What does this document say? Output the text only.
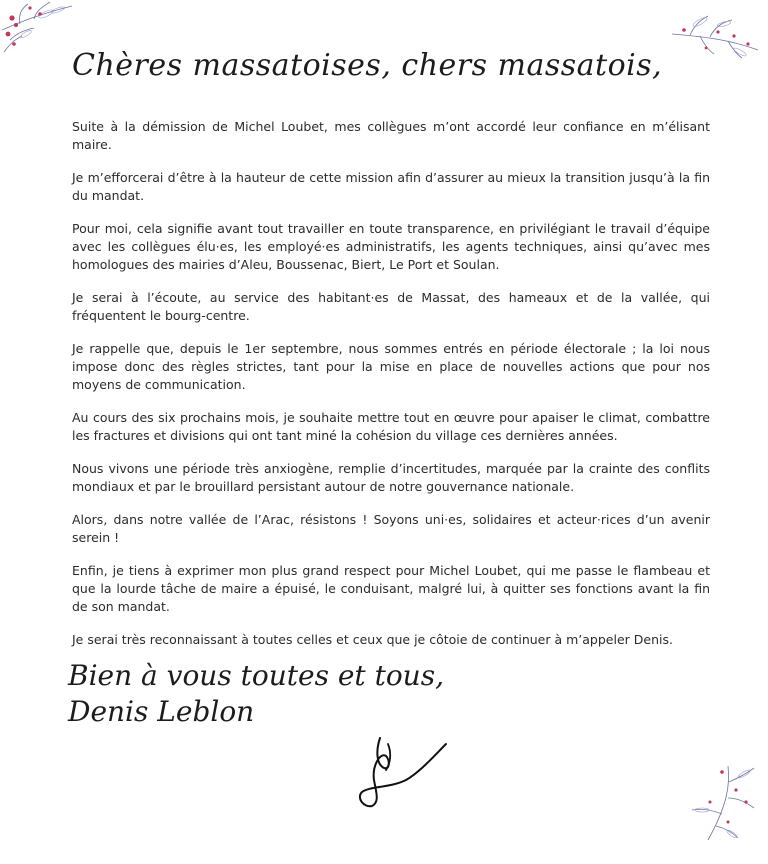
Chères massatoises, chers massatois,

Suite à la démission de Michel Loubet, mes collègues m’ont accordé leur confiance en m’élisant maire.

Je m’efforcerai d’être à la hauteur de cette mission afin d’assurer au mieux la transition jusqu’à la fin du mandat.

Pour moi, cela signifie avant tout travailler en toute transparence, en privilégiant le travail d’équipe avec les collègues élu·es, les employé·es administratifs, les agents techniques, ainsi qu’avec mes homologues des mairies d’Aleu, Boussenac, Biert, Le Port et Soulan.

Je serai à l’écoute, au service des habitant·es de Massat, des hameaux et de la vallée, qui fréquentent le bourg-centre.

Je rappelle que, depuis le 1er septembre, nous sommes entrés en période électorale ; la loi nous impose donc des règles strictes, tant pour la mise en place de nouvelles actions que pour nos moyens de communication.

Au cours des six prochains mois, je souhaite mettre tout en œuvre pour apaiser le climat, combattre les fractures et divisions qui ont tant miné la cohésion du village ces dernières années.

Nous vivons une période très anxiogène, remplie d’incertitudes, marquée par la crainte des conflits mondiaux et par le brouillard persistant autour de notre gouvernance nationale.

Alors, dans notre vallée de l’Arac, résistons ! Soyons uni·es, solidaires et acteur·rices d’un avenir serein !

Enfin, je tiens à exprimer mon plus grand respect pour Michel Loubet, qui me passe le flambeau et que la lourde tâche de maire a épuisé, le conduisant, malgré lui, à quitter ses fonctions avant la fin de son mandat.

Je serai très reconnaissant à toutes celles et ceux que je côtoie de continuer à m’appeler Denis.

Bien à vous toutes et tous,
Denis Leblon
